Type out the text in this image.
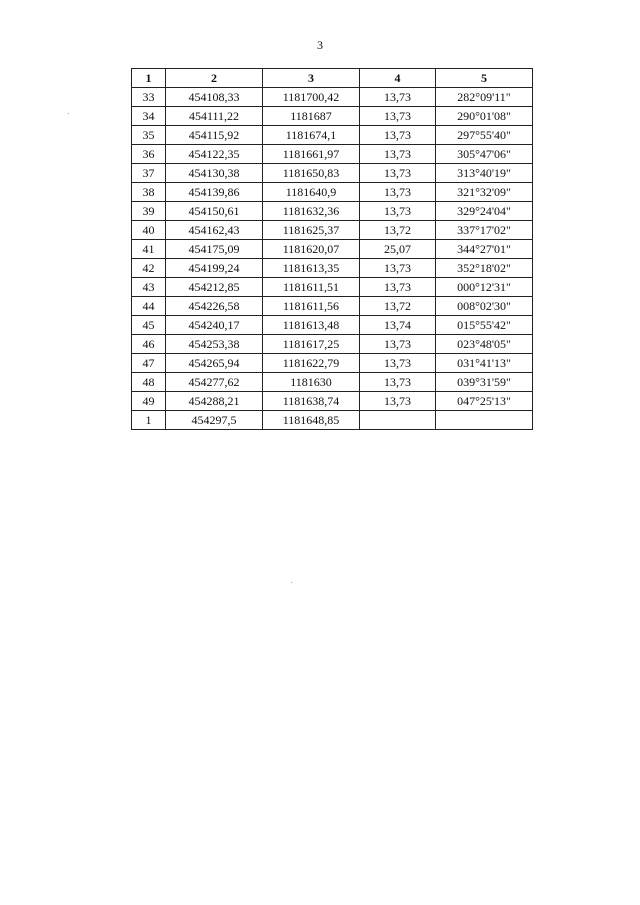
3
1	2	3	4	5
33	454108,33	1181700,42	13,73	282°09'11"
34	454111,22	1181687	13,73	290°01'08"
35	454115,92	1181674,1	13,73	297°55'40"
36	454122,35	1181661,97	13,73	305°47'06"
37	454130,38	1181650,83	13,73	313°40'19"
38	454139,86	1181640,9	13,73	321°32'09"
39	454150,61	1181632,36	13,73	329°24'04"
40	454162,43	1181625,37	13,72	337°17'02"
41	454175,09	1181620,07	25,07	344°27'01"
42	454199,24	1181613,35	13,73	352°18'02"
43	454212,85	1181611,51	13,73	000°12'31"
44	454226,58	1181611,56	13,72	008°02'30"
45	454240,17	1181613,48	13,74	015°55'42"
46	454253,38	1181617,25	13,73	023°48'05"
47	454265,94	1181622,79	13,73	031°41'13"
48	454277,62	1181630	13,73	039°31'59"
49	454288,21	1181638,74	13,73	047°25'13"
1	454297,5	1181648,85		
